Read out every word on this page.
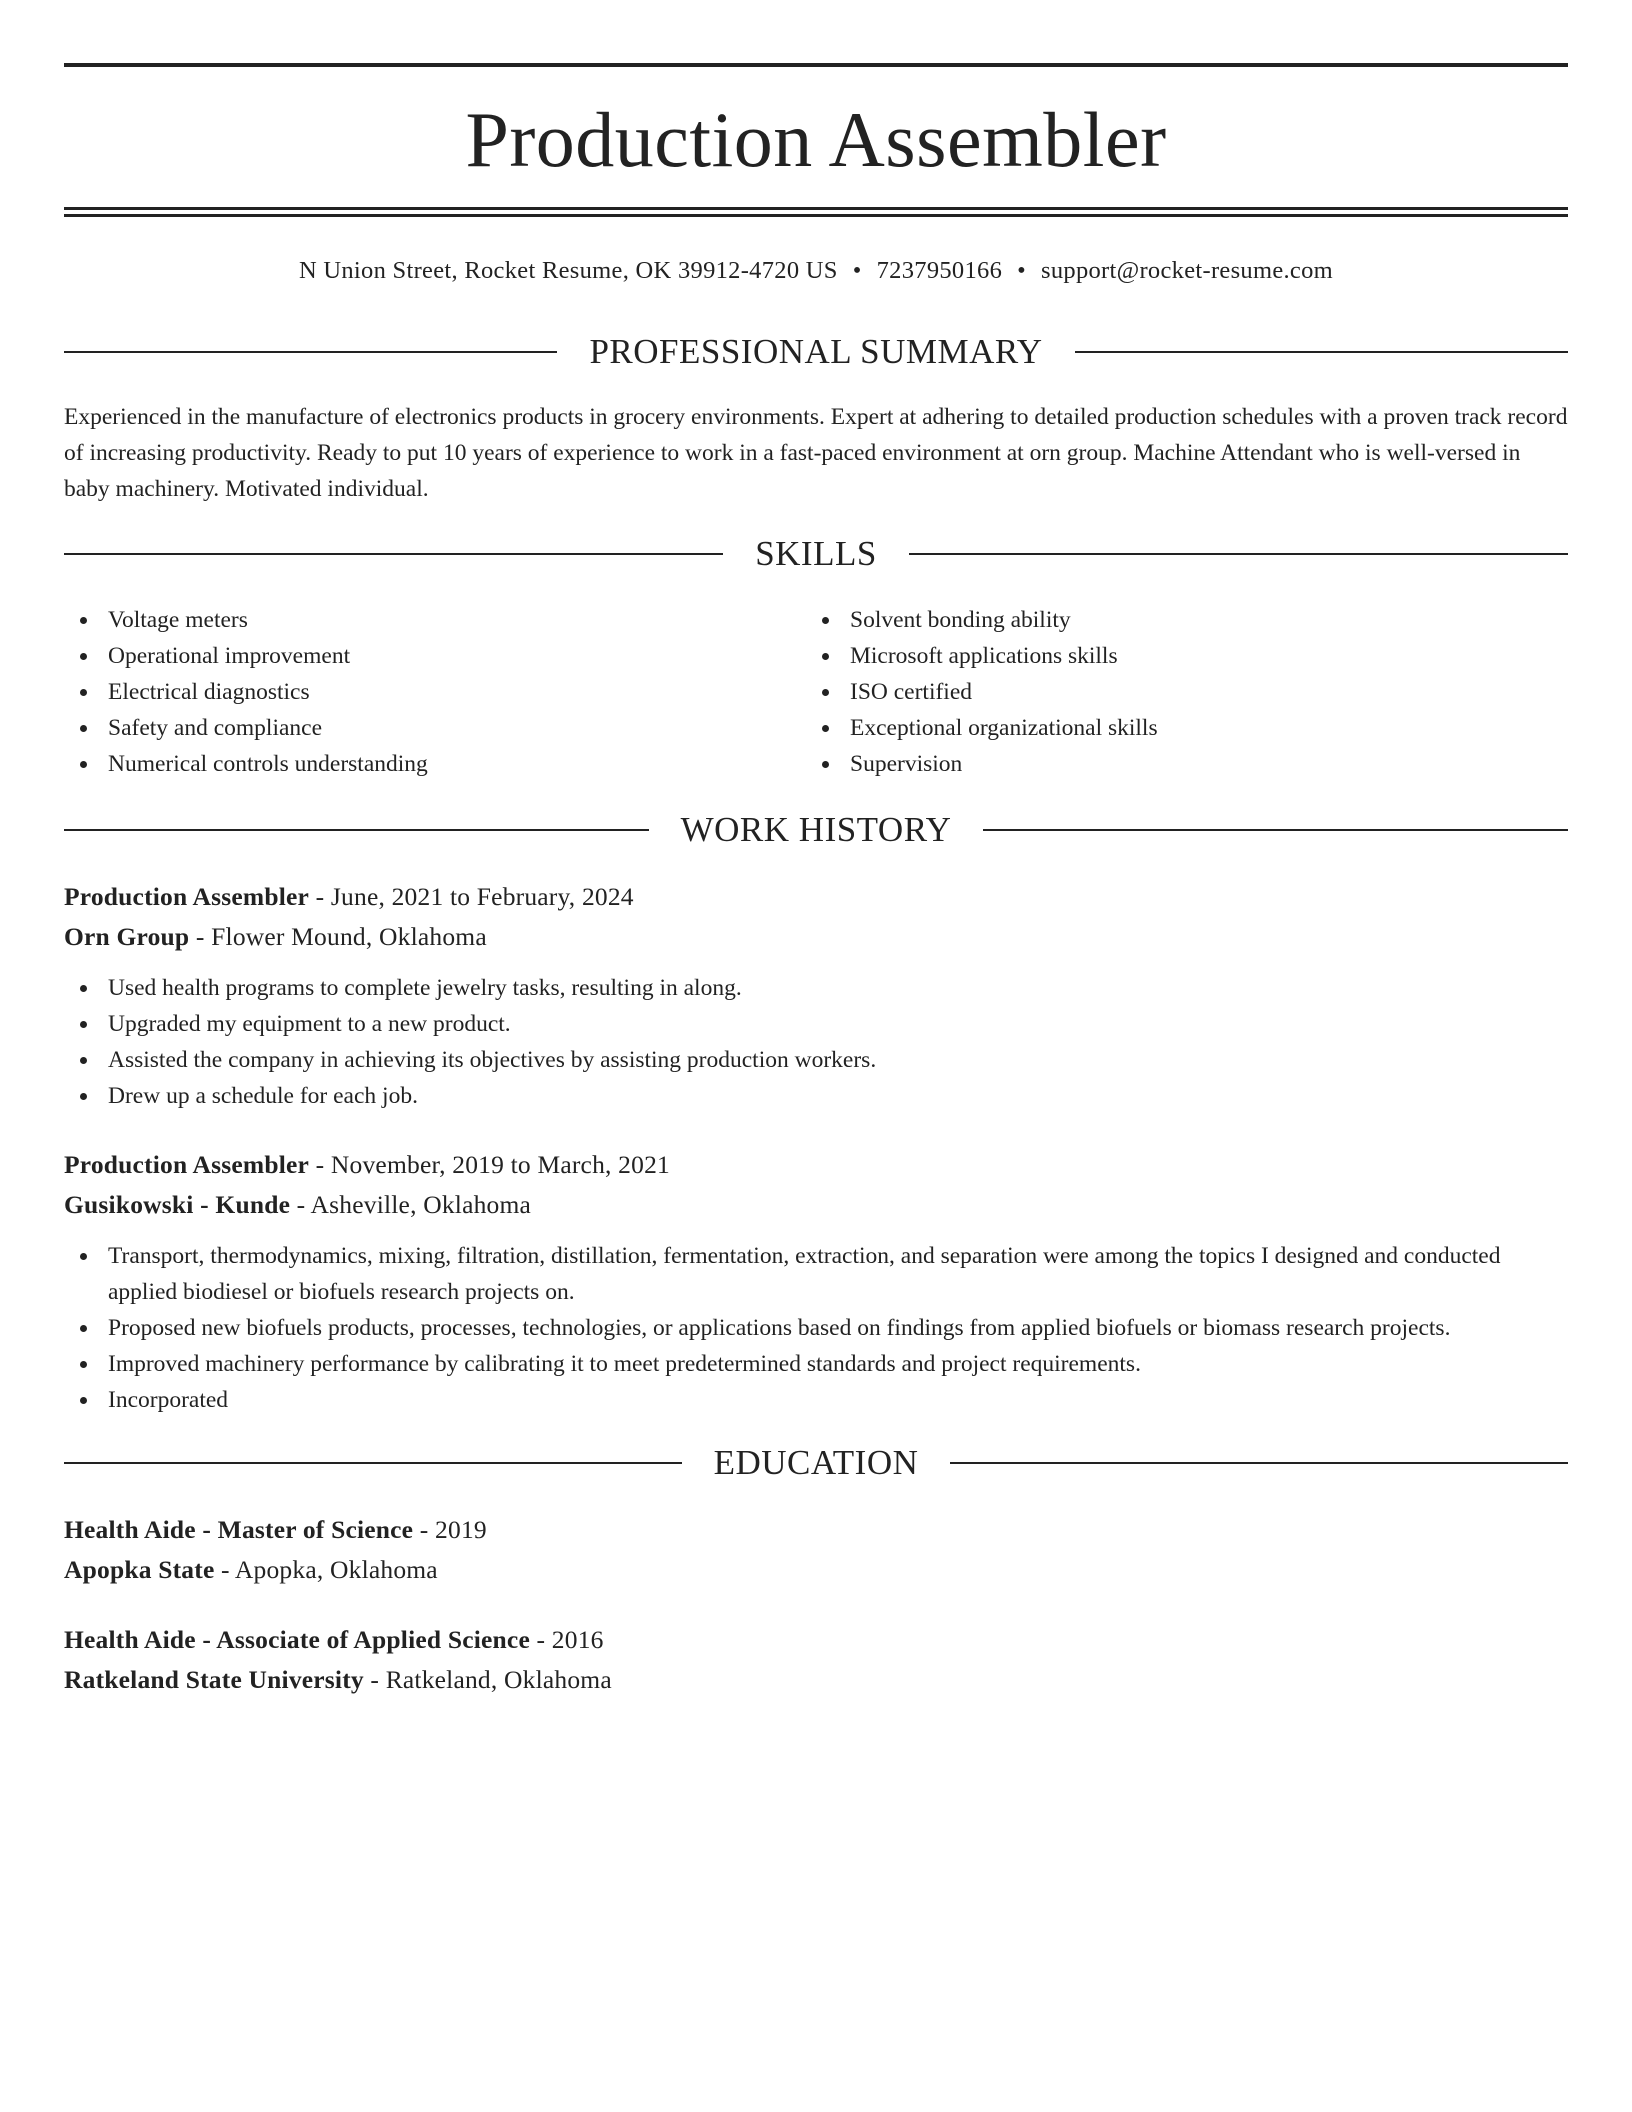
Production Assembler
N Union Street, Rocket Resume, OK 39912-4720 US • 7237950166 • support@rocket-resume.com
PROFESSIONAL SUMMARY

Experienced in the manufacture of electronics products in grocery environments. Expert at adhering to detailed production schedules with a proven track record of increasing productivity. Ready to put 10 years of experience to work in a fast-paced environment at orn group. Machine Attendant who is well-versed in baby machinery. Motivated individual.

SKILLS
Voltage meters
Operational improvement
Electrical diagnostics
Safety and compliance
Numerical controls understanding
Solvent bonding ability
Microsoft applications skills
ISO certified
Exceptional organizational skills
Supervision
WORK HISTORY
Production Assembler - June, 2021 to February, 2024
Orn Group - Flower Mound, Oklahoma
Used health programs to complete jewelry tasks, resulting in along.
Upgraded my equipment to a new product.
Assisted the company in achieving its objectives by assisting production workers.
Drew up a schedule for each job.
Production Assembler - November, 2019 to March, 2021
Gusikowski - Kunde - Asheville, Oklahoma
Transport, thermodynamics, mixing, filtration, distillation, fermentation, extraction, and separation were among the topics I designed and conducted applied biodiesel or biofuels research projects on.
Proposed new biofuels products, processes, technologies, or applications based on findings from applied biofuels or biomass research projects.
Improved machinery performance by calibrating it to meet predetermined standards and project requirements.
Incorporated
EDUCATION
Health Aide - Master of Science - 2019
Apopka State - Apopka, Oklahoma
Health Aide - Associate of Applied Science - 2016
Ratkeland State University - Ratkeland, Oklahoma
